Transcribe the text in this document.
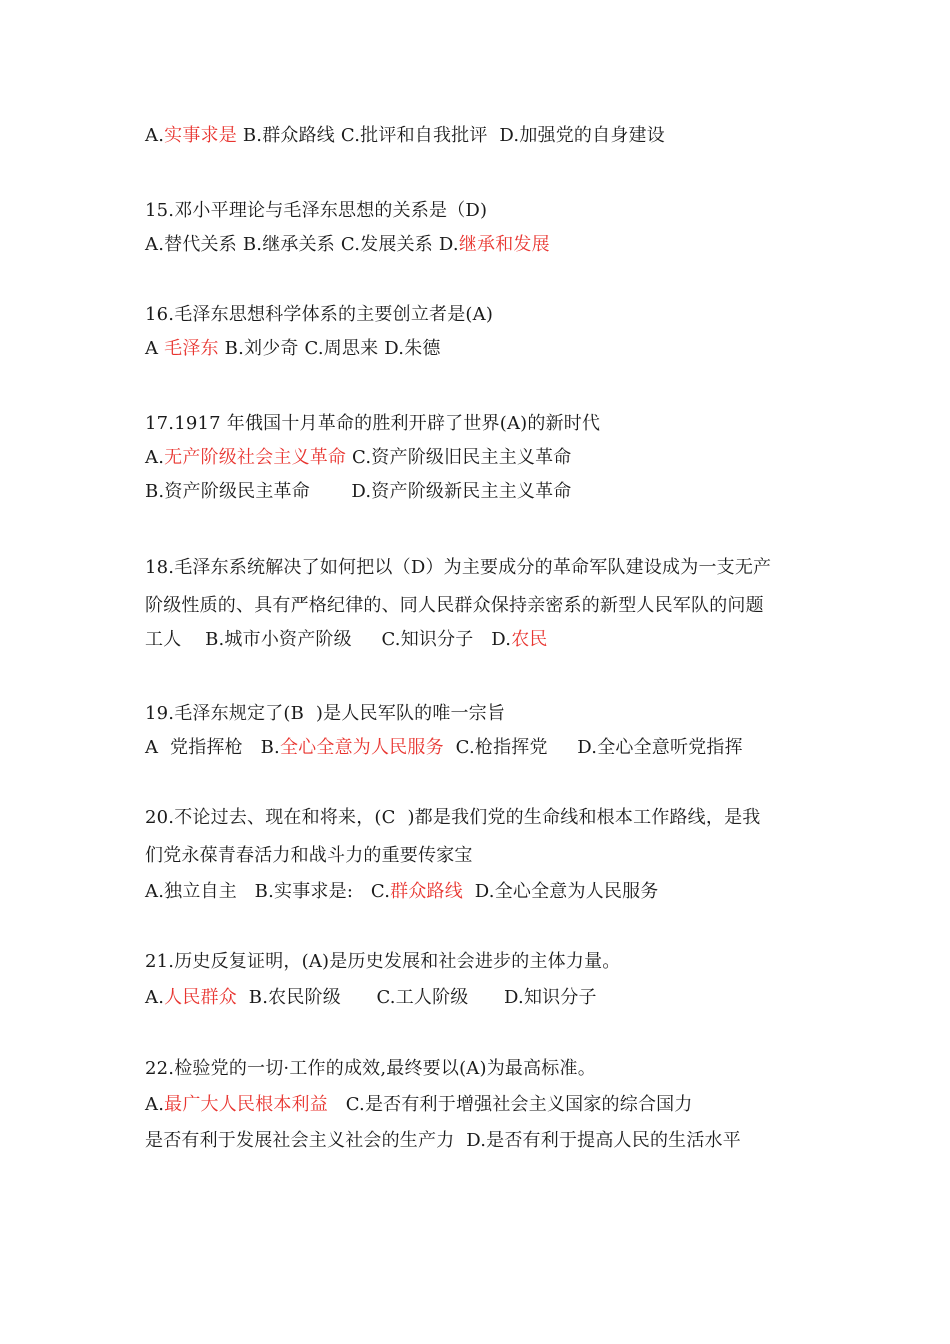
A.实事求是 B.群众路线 C.批评和自我批评  D.加强党的自身建设
15.邓小平理论与毛泽东思想的关系是（D)
A.替代关系 B.继承关系 C.发展关系 D.继承和发展
16.毛泽东思想科学体系的主要创立者是(A)
A 毛泽东 B.刘少奇 C.周思来 D.朱德
17.1917 年俄国十月革命的胜利开辟了世界(A)的新时代
A.无产阶级社会主义革命 C.资产阶级旧民主主义革命
B.资产阶级民主革命       D.资产阶级新民主主义革命
18.毛泽东系统解决了如何把以（D）为主要成分的革命军队建设成为一支无产
阶级性质的、具有严格纪律的、同人民群众保持亲密系的新型人民军队的问题
工人    B.城市小资产阶级     C.知识分子   D.农民
19.毛泽东规定了(B  )是人民军队的唯一宗旨
A  党指挥枪   B.全心全意为人民服务  C.枪指挥党     D.全心全意听党指挥
20.不论过去、现在和将来，(C  )都是我们党的生命线和根本工作路线，是我
们党永葆青春活力和战斗力的重要传家宝
A.独立自主   B.实事求是:   C.群众路线  D.全心全意为人民服务
21.历史反复证明，(A)是历史发展和社会进步的主体力量。
A.人民群众  B.农民阶级      C.工人阶级      D.知识分子
22.检验党的一切·工作的成效,最终要以(A)为最高标准。
A.最广大人民根本利益   C.是否有利于增强社会主义国家的综合国力
是否有利于发展社会主义社会的生产力  D.是否有利于提高人民的生活水平
